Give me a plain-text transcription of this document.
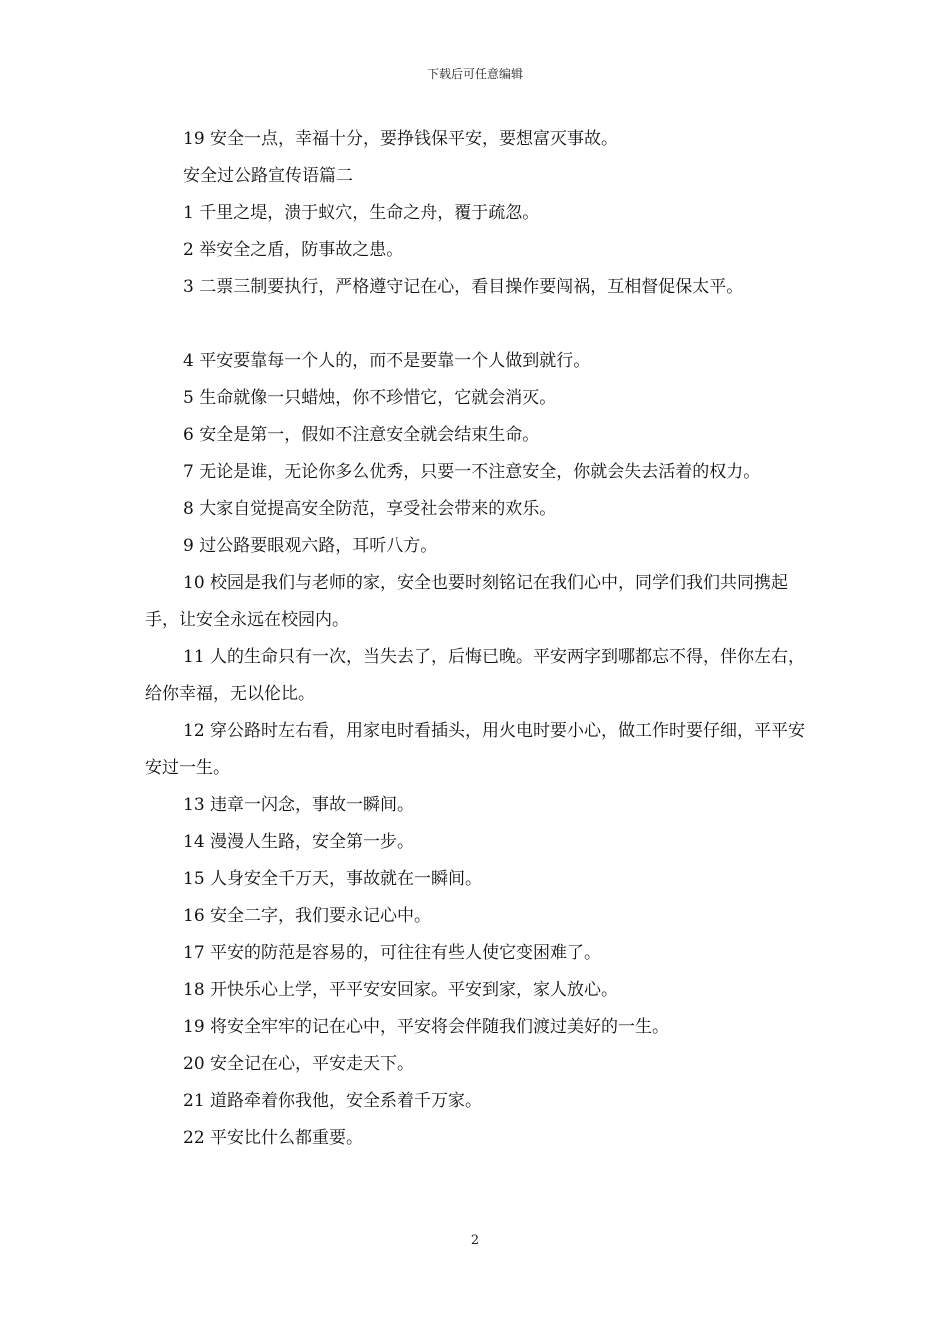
下载后可任意编辑

19 安全一点，幸福十分，要挣钱保平安，要想富灭事故。

安全过公路宣传语篇二

1 千里之堤，溃于蚁穴，生命之舟，覆于疏忽。

2 举安全之盾，防事故之患。

3 二票三制要执行，严格遵守记在心，看目操作要闯祸，互相督促保太平。

4 平安要靠每一个人的，而不是要靠一个人做到就行。

5 生命就像一只蜡烛，你不珍惜它，它就会消灭。

6 安全是第一，假如不注意安全就会结束生命。

7 无论是谁，无论你多么优秀，只要一不注意安全，你就会失去活着的权力。

8 大家自觉提高安全防范，享受社会带来的欢乐。

9 过公路要眼观六路，耳听八方。

10 校园是我们与老师的家，安全也要时刻铭记在我们心中，同学们我们共同携起手，让安全永远在校园内。

11 人的生命只有一次，当失去了，后悔已晚。平安两字到哪都忘不得，伴你左右，给你幸福，无以伦比。

12 穿公路时左右看，用家电时看插头，用火电时要小心，做工作时要仔细，平平安安过一生。

13 违章一闪念，事故一瞬间。

14 漫漫人生路，安全第一步。

15 人身安全千万天，事故就在一瞬间。

16 安全二字，我们要永记心中。

17 平安的防范是容易的，可往往有些人使它变困难了。

18 开快乐心上学，平平安安回家。平安到家，家人放心。

19 将安全牢牢的记在心中，平安将会伴随我们渡过美好的一生。

20 安全记在心，平安走天下。

21 道路牵着你我他，安全系着千万家。

22 平安比什么都重要。

2
